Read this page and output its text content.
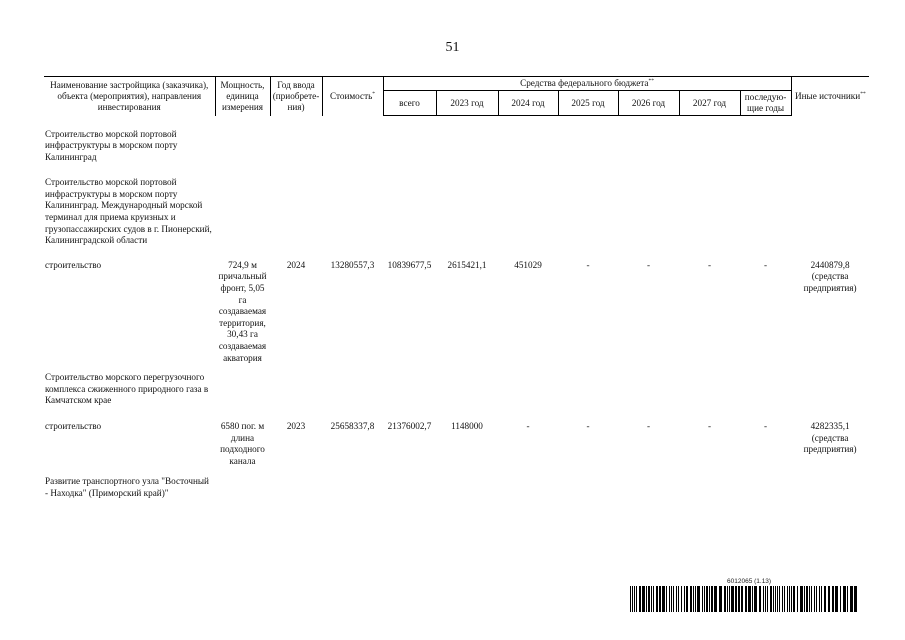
51
Наименование застройщика (заказчика), объекта (мероприятия), направления инвестирования	Мощность, единица измерения	Год ввода (приобрете-ния)	Стоимость*	Средства федерального бюджета**							Иные источники**
				всего	2023 год	2024 год	2025 год	2026 год	2027 год	последую-щие годы	
Строительство морской портовой инфраструктуры в морском порту Калининград											
Строительство морской портовой инфраструктуры в морском порту Калининград. Международный морской терминал для приема круизных и грузопассажирских судов в г. Пионерский, Калининградской области											
строительство	724,9 м причальный фронт, 5,05 га создаваемая территория, 30,43 га создаваемая акватория	2024	13280557,3	10839677,5	2615421,1	451029	-	-	-	-	2440879,8 (средства предприятия)
Строительство морского перегрузочного комплекса сжиженного природного газа в Камчатском крае											
строительство	6580 пог. м длина подходного канала	2023	25658337,8	21376002,7	1148000	-	-	-	-	-	4282335,1 (средства предприятия)
Развитие транспортного узла "Восточный - Находка" (Приморский край)"											
6012065 (1.13)
